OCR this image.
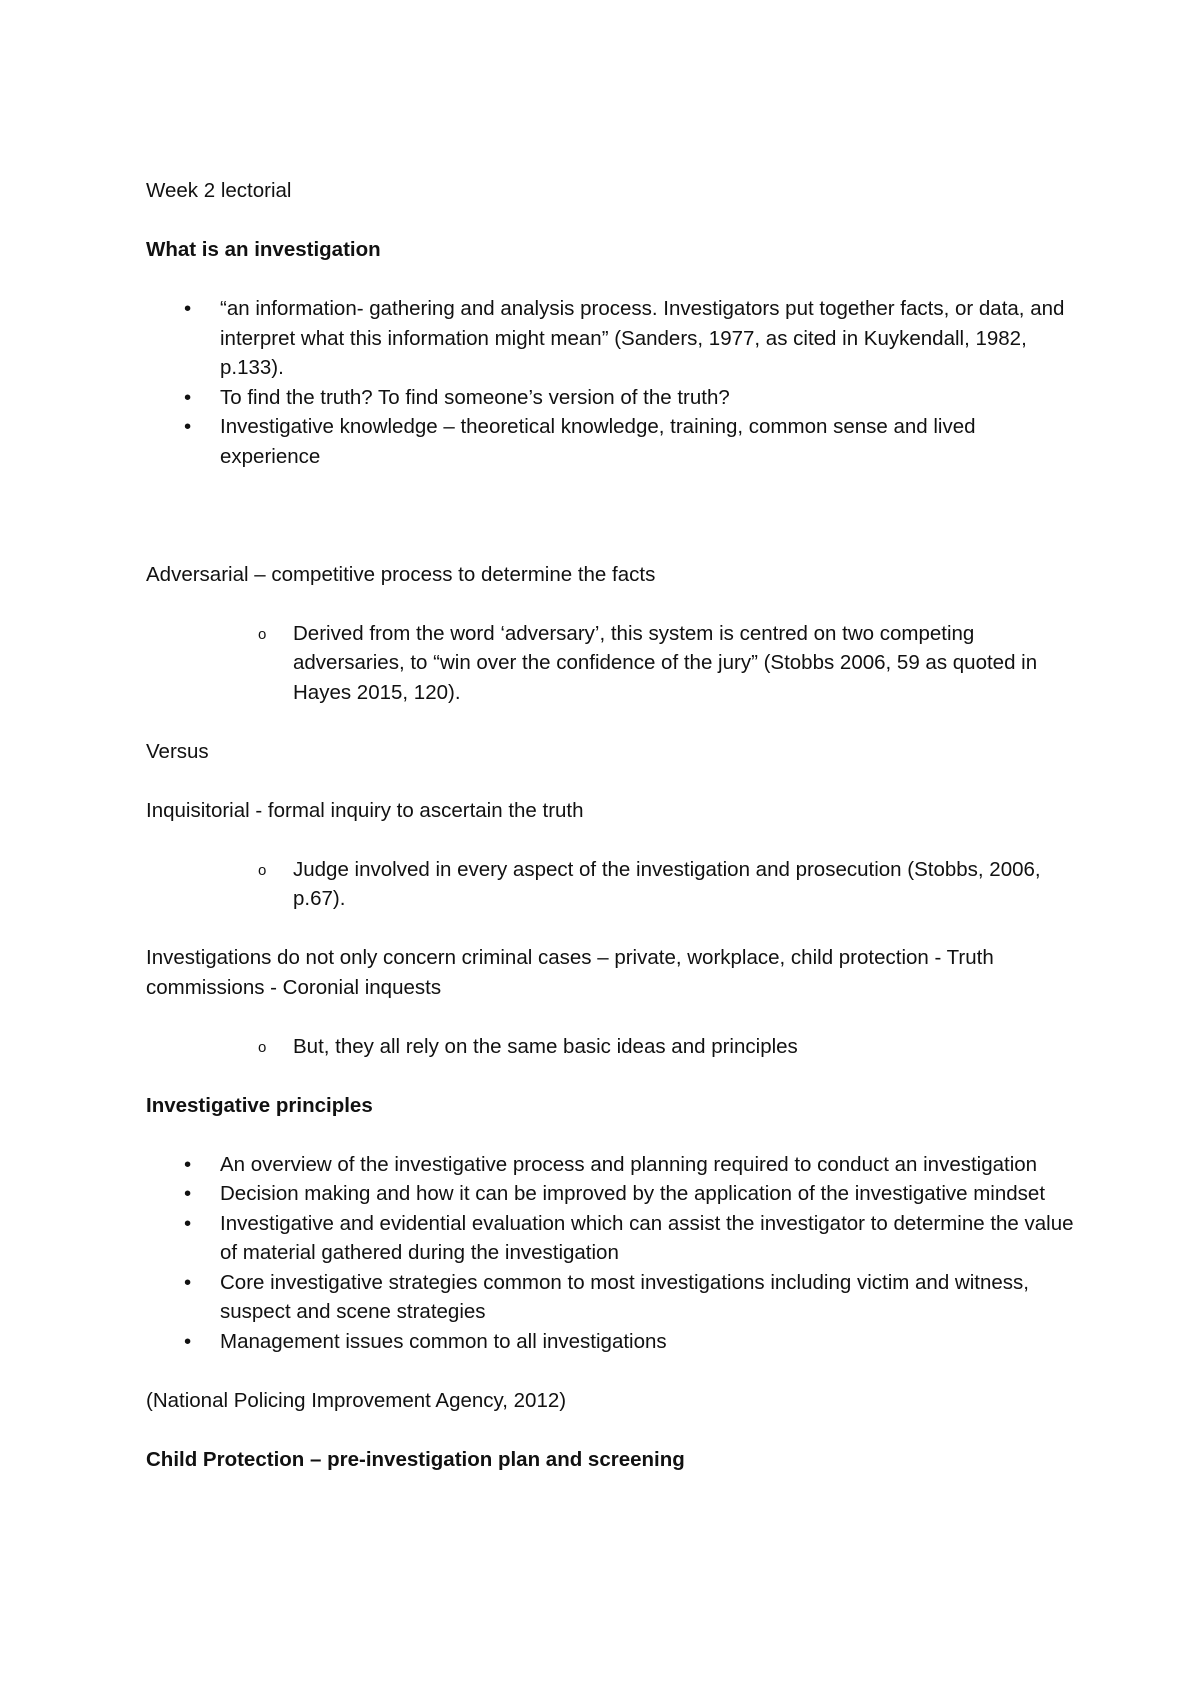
Week 2 lectorial

What is an investigation

• “an information- gathering and analysis process. Investigators put together facts, or data, and interpret what this information might mean” (Sanders, 1977, as cited in Kuykendall, 1982, p.133).
• To find the truth? To find someone’s version of the truth?
• Investigative knowledge – theoretical knowledge, training, common sense and lived experience

Adversarial – competitive process to determine the facts

o Derived from the word ‘adversary’, this system is centred on two competing adversaries, to “win over the confidence of the jury” (Stobbs 2006, 59 as quoted in Hayes 2015, 120).

Versus

Inquisitorial - formal inquiry to ascertain the truth

o Judge involved in every aspect of the investigation and prosecution (Stobbs, 2006, p.67).

Investigations do not only concern criminal cases – private, workplace, child protection - Truth commissions - Coronial inquests

o But, they all rely on the same basic ideas and principles

Investigative principles

• An overview of the investigative process and planning required to conduct an investigation
• Decision making and how it can be improved by the application of the investigative mindset
• Investigative and evidential evaluation which can assist the investigator to determine the value of material gathered during the investigation
• Core investigative strategies common to most investigations including victim and witness, suspect and scene strategies
• Management issues common to all investigations

(National Policing Improvement Agency, 2012)

Child Protection – pre-investigation plan and screening
